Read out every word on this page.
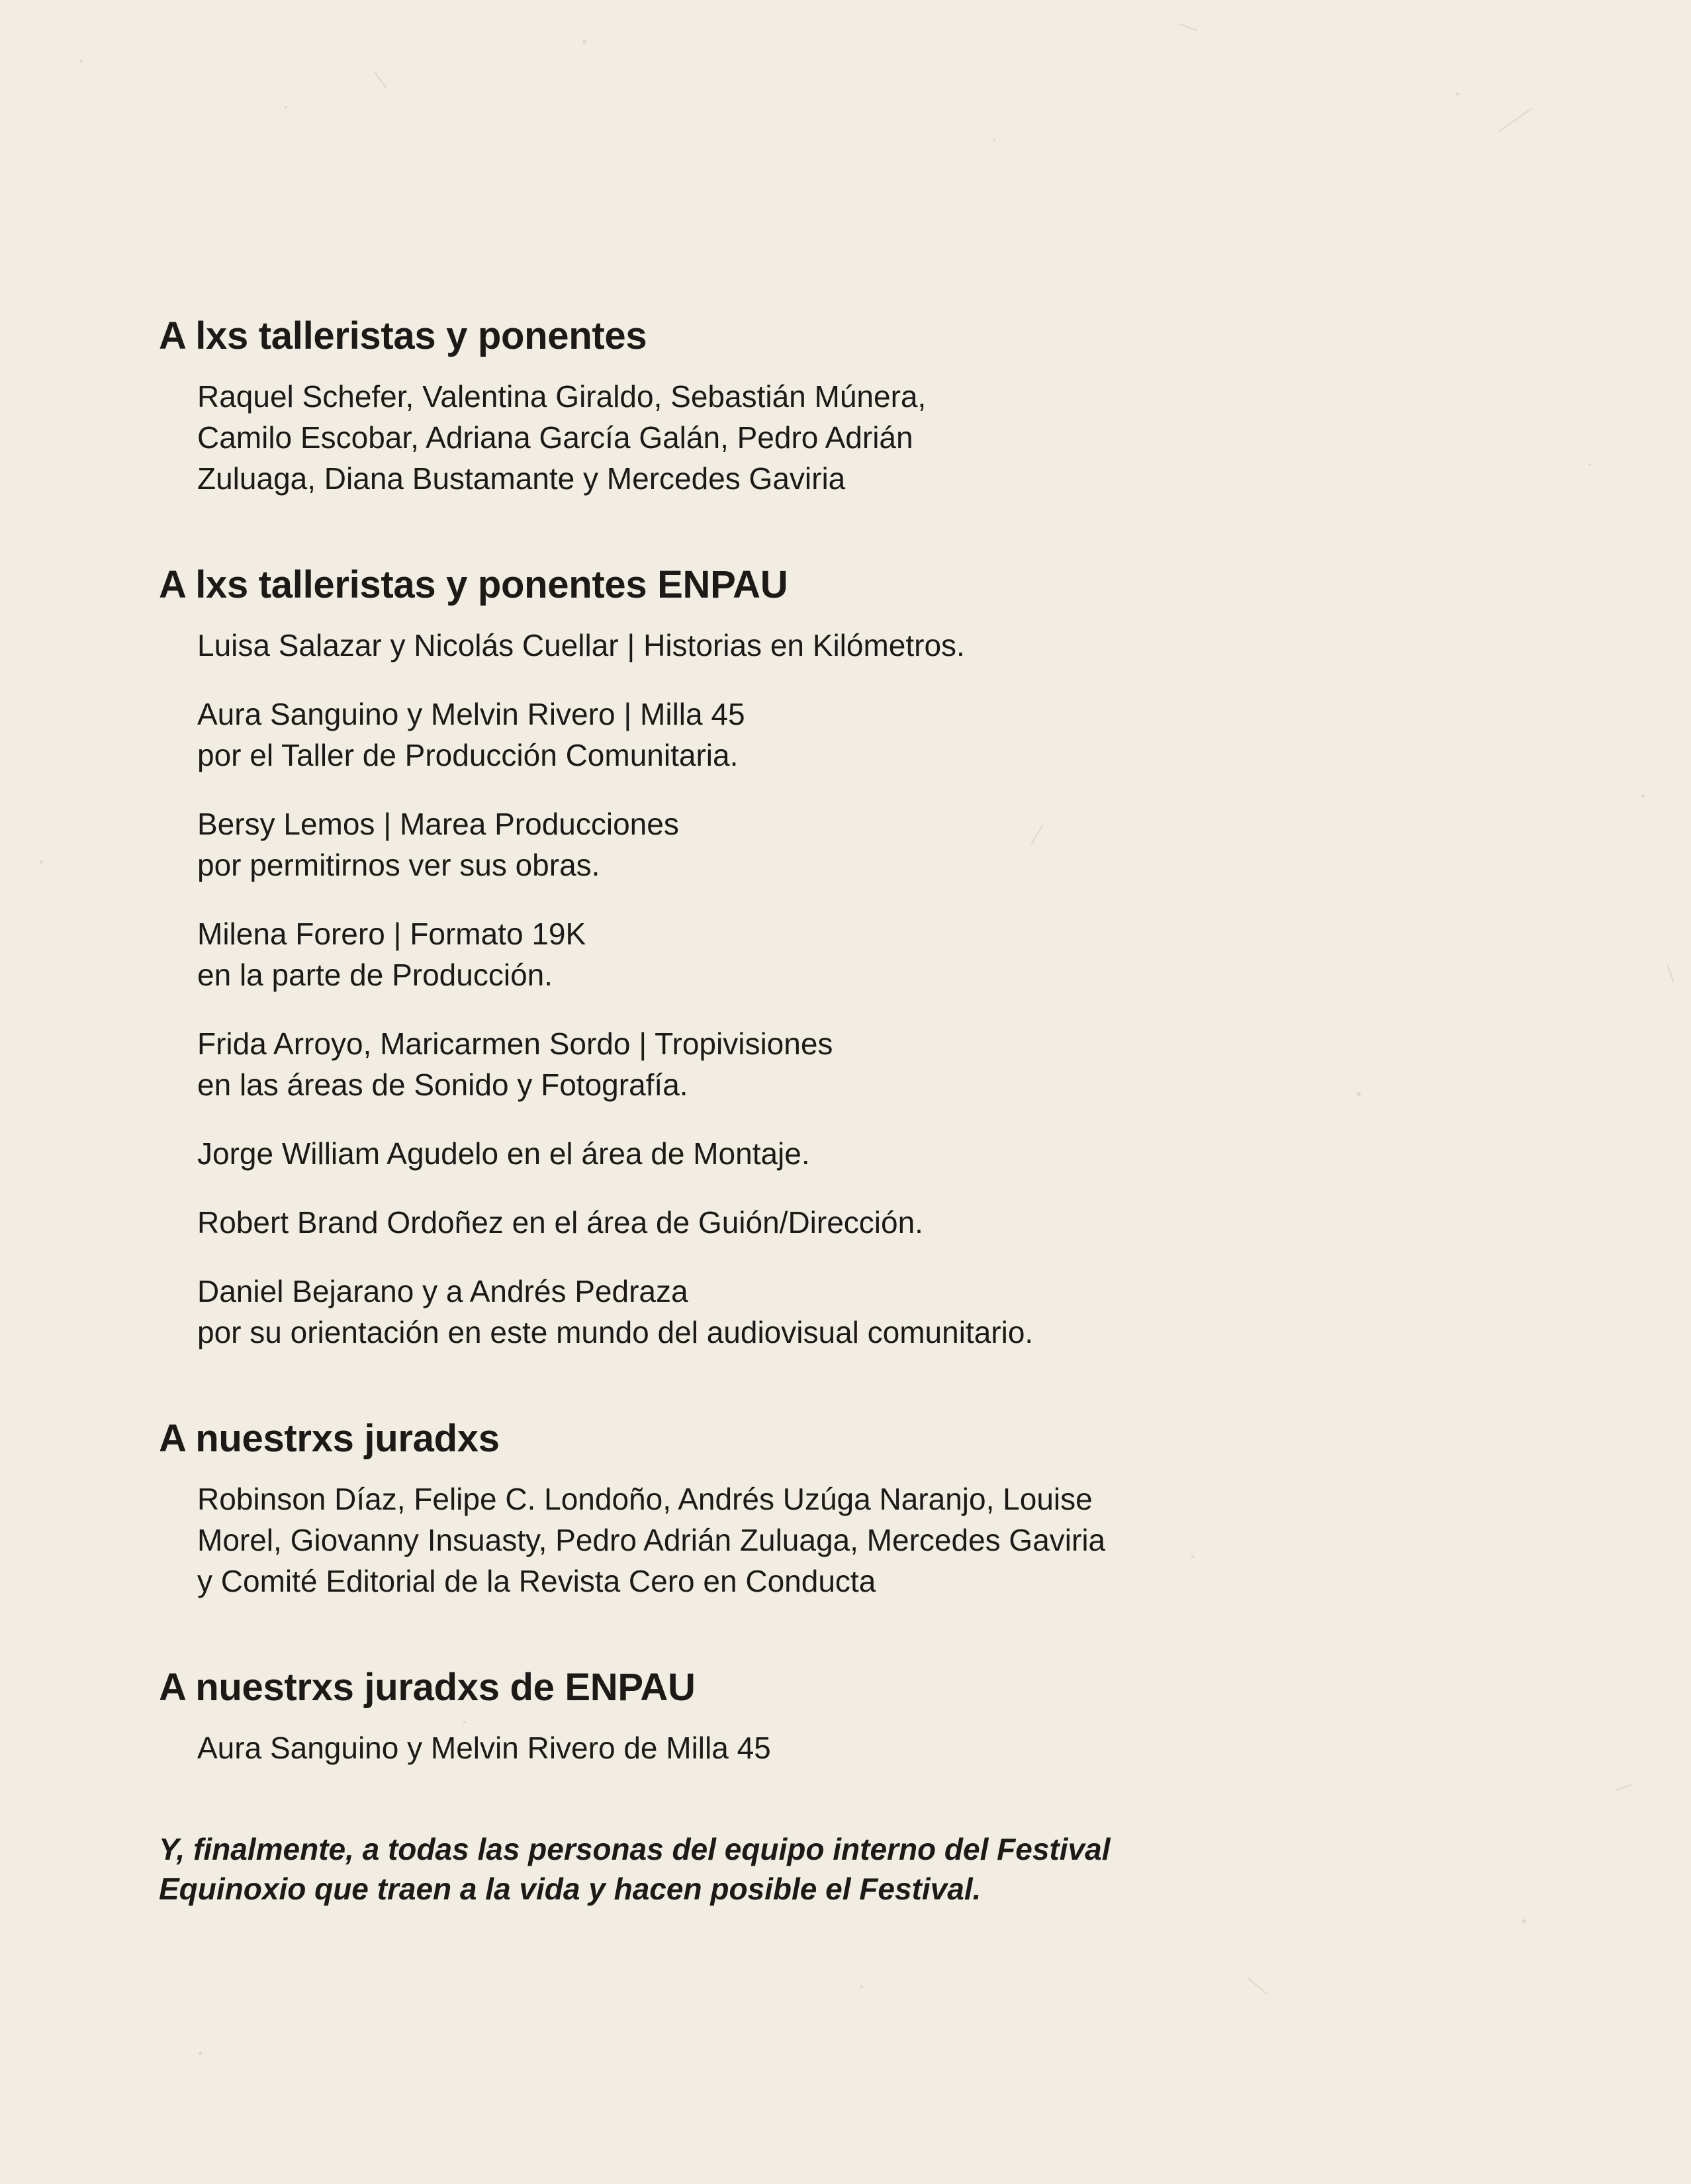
A lxs talleristas y ponentes
Raquel Schefer, Valentina Giraldo, Sebastián Múnera,
Camilo Escobar, Adriana García Galán, Pedro Adrián
Zuluaga, Diana Bustamante y Mercedes Gaviria
A lxs talleristas y ponentes ENPAU
Luisa Salazar y Nicolás Cuellar | Historias en Kilómetros.
Aura Sanguino y Melvin Rivero | Milla 45
por el Taller de Producción Comunitaria.
Bersy Lemos | Marea Producciones
por permitirnos ver sus obras.
Milena Forero | Formato 19K
en la parte de Producción.
Frida Arroyo, Maricarmen Sordo | Tropivisiones
en las áreas de Sonido y Fotografía.
Jorge William Agudelo en el área de Montaje.
Robert Brand Ordoñez en el área de Guión/Dirección.
Daniel Bejarano y a Andrés Pedraza
por su orientación en este mundo del audiovisual comunitario.
A nuestrxs juradxs
Robinson Díaz, Felipe C. Londoño, Andrés Uzúga Naranjo, Louise
Morel, Giovanny Insuasty, Pedro Adrián Zuluaga, Mercedes Gaviria
y Comité Editorial de la Revista Cero en Conducta
A nuestrxs juradxs de ENPAU
Aura Sanguino y Melvin Rivero de Milla 45
Y, finalmente, a todas las personas del equipo interno del Festival
Equinoxio que traen a la vida y hacen posible el Festival.
